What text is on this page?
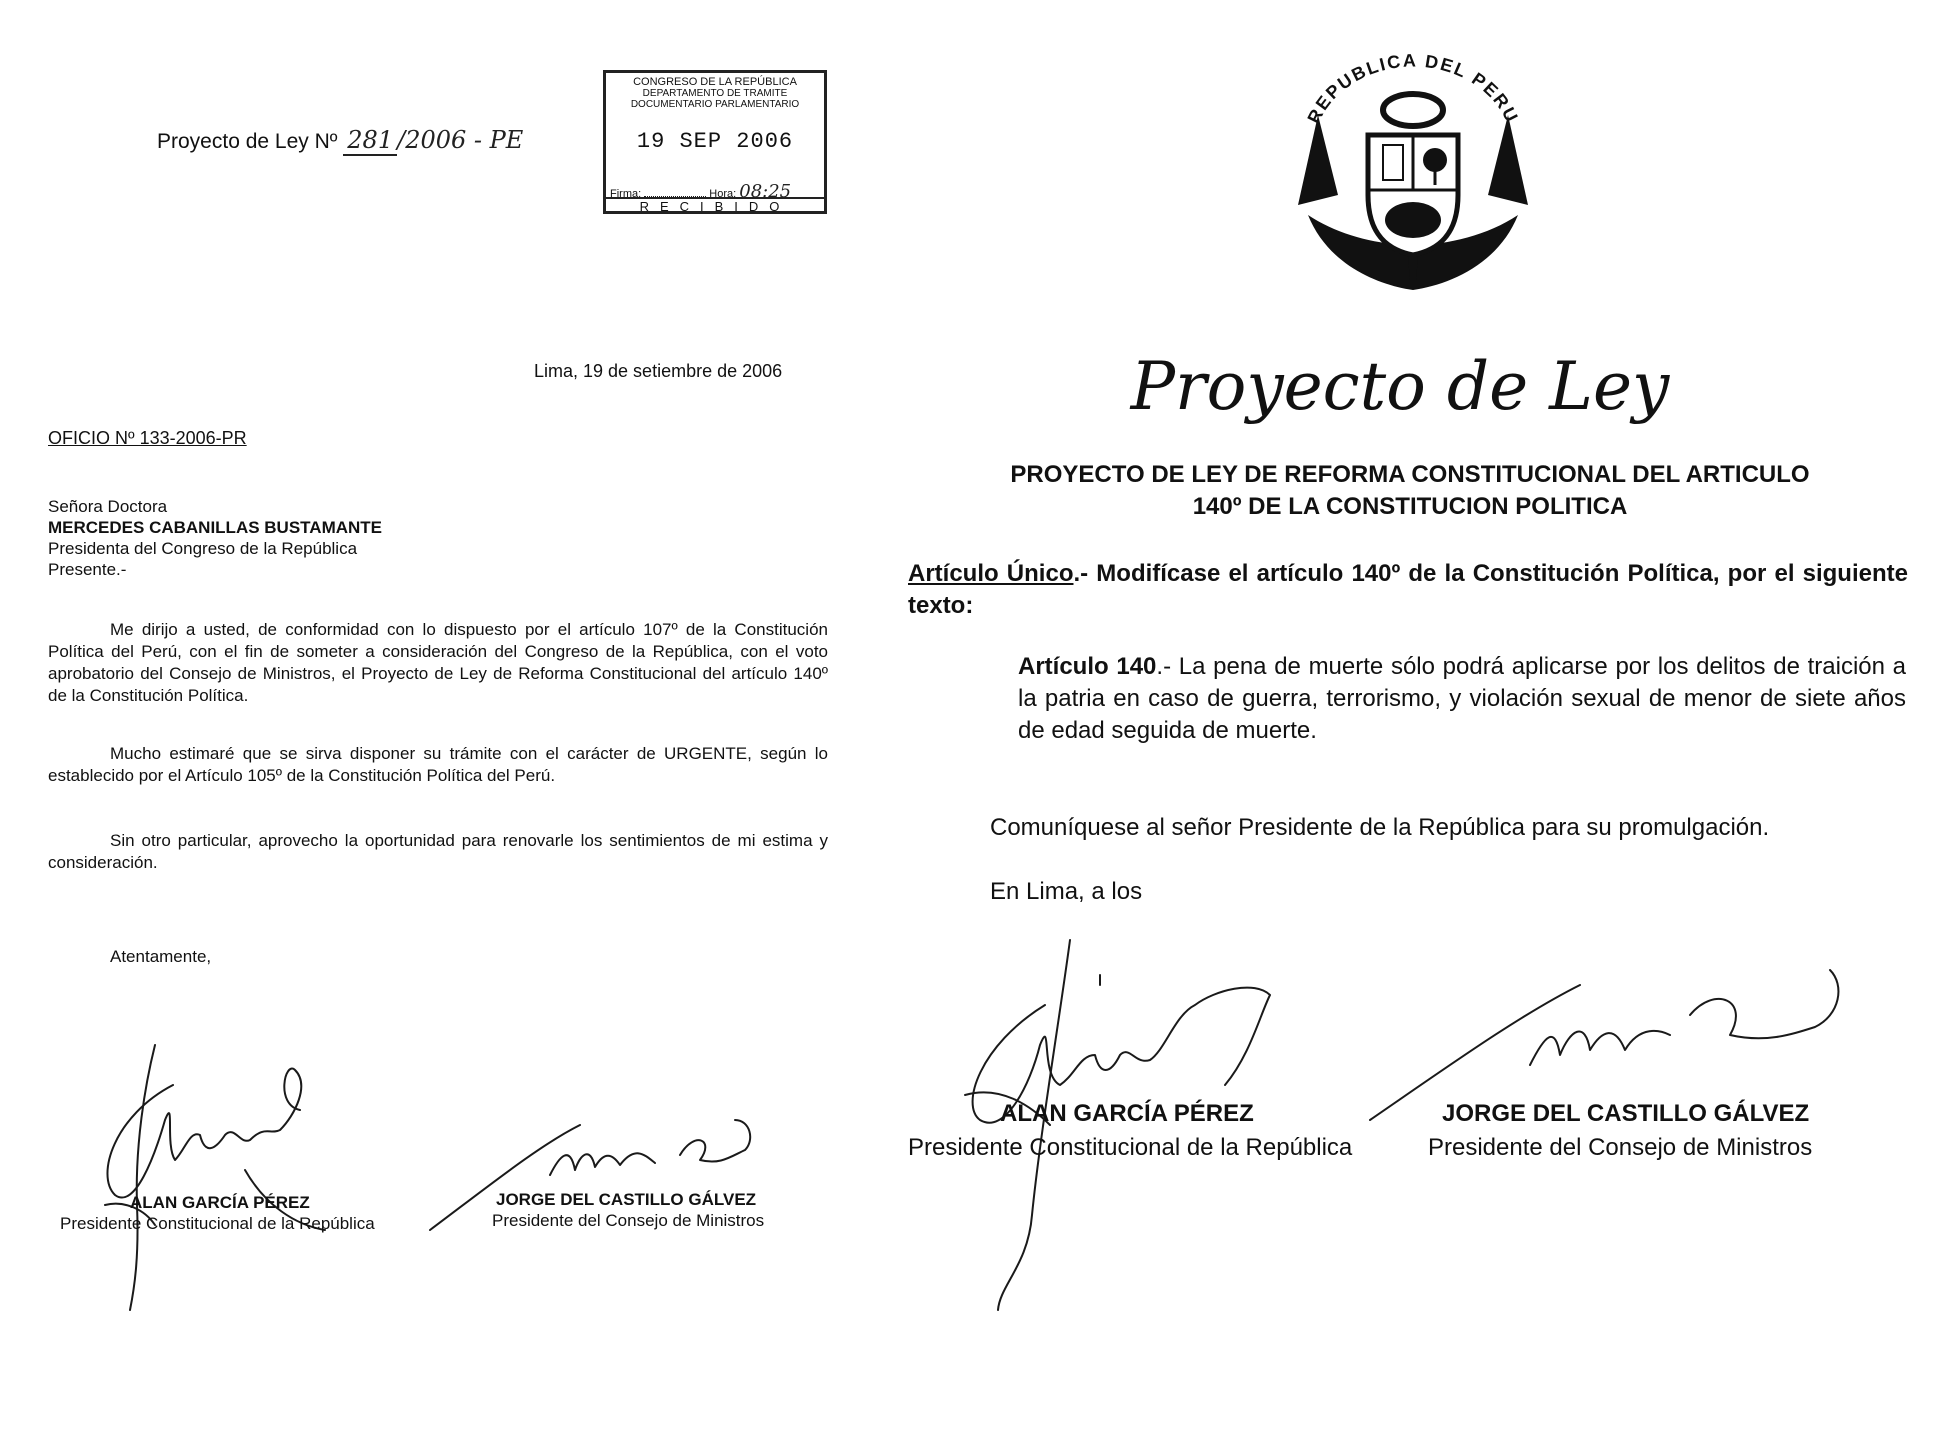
Proyecto de Ley Nº 281 /2006 - PE
CONGRESO DE LA REPÚBLICA
DEPARTAMENTO DE TRAMITE
DOCUMENTARIO PARLAMENTARIO
19 SEP 2006
Firma:	Hora: 08:25
RECIBIDO
Lima, 19 de setiembre de 2006
OFICIO Nº 133-2006-PR
Señora Doctora
MERCEDES CABANILLAS BUSTAMANTE
Presidenta del Congreso de la República
Presente.-
Me dirijo a usted, de conformidad con lo dispuesto por el artículo 107º de la Constitución Política del Perú, con el fin de someter a consideración del Congreso de la República, con el voto aprobatorio del Consejo de Ministros, el Proyecto de Ley de Reforma Constitucional del artículo 140º de la Constitución Política.
Mucho estimaré que se sirva disponer su trámite con el carácter de URGENTE, según lo establecido por el Artículo 105º de la Constitución Política del Perú.
Sin otro particular, aprovecho la oportunidad para renovarle los sentimientos de mi estima y consideración.
Atentamente,
ALAN GARCÍA PÉREZ
Presidente Constitucional de la República
JORGE DEL CASTILLO GÁLVEZ
Presidente del Consejo de Ministros
REPUBLICA DEL PERU
Proyecto de Ley
PROYECTO DE LEY DE REFORMA CONSTITUCIONAL DEL ARTICULO
140º DE LA CONSTITUCION POLITICA
Artículo Único.- Modifícase el artículo 140º de la Constitución Política, por el siguiente texto:
Artículo 140.- La pena de muerte sólo podrá aplicarse por los delitos de traición a la patria en caso de guerra, terrorismo, y violación sexual de menor de siete años de edad seguida de muerte.
Comuníquese al señor Presidente de la República para su promulgación.
En Lima, a los
ALAN GARCÍA PÉREZ
Presidente Constitucional de la República
JORGE DEL CASTILLO GÁLVEZ
Presidente del Consejo de Ministros
